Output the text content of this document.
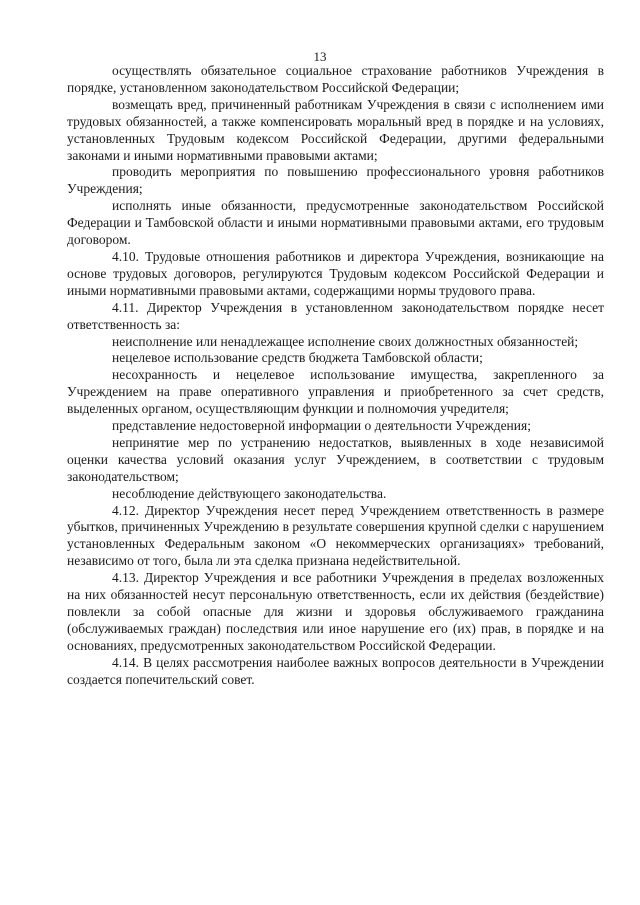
13

осуществлять обязательное социальное страхование работников Учреждения в порядке, установленном законодательством Российской Федерации;

возмещать вред, причиненный работникам Учреждения в связи с исполнением ими трудовых обязанностей, а также компенсировать моральный вред в порядке и на условиях, установленных Трудовым кодексом Российской Федерации, другими федеральными законами и иными нормативными правовыми актами;

проводить мероприятия по повышению профессионального уровня работников Учреждения;

исполнять иные обязанности, предусмотренные законодательством Российской Федерации и Тамбовской области и иными нормативными правовыми актами, его трудовым договором.

4.10. Трудовые отношения работников и директора Учреждения, возникающие на основе трудовых договоров, регулируются Трудовым кодексом Российской Федерации и иными нормативными правовыми актами, содержащими нормы трудового права.

4.11. Директор Учреждения в установленном законодательством порядке несет ответственность за:

неисполнение или ненадлежащее исполнение своих должностных обязанностей;

нецелевое использование средств бюджета Тамбовской области;

несохранность и нецелевое использование имущества, закрепленного за Учреждением на праве оперативного управления и приобретенного за счет средств, выделенных органом, осуществляющим функции и полномочия учредителя;

представление недостоверной информации о деятельности Учреждения;

непринятие мер по устранению недостатков, выявленных в ходе независимой оценки качества условий оказания услуг Учреждением, в соответствии с трудовым законодательством;

несоблюдение действующего законодательства.

4.12. Директор Учреждения несет перед Учреждением ответственность в размере убытков, причиненных Учреждению в результате совершения крупной сделки с нарушением установленных Федеральным законом «О некоммерческих организациях» требований, независимо от того, была ли эта сделка признана недействительной.

4.13. Директор Учреждения и все работники Учреждения в пределах возложенных на них обязанностей несут персональную ответственность, если их действия (бездействие) повлекли за собой опасные для жизни и здоровья обслуживаемого гражданина (обслуживаемых граждан) последствия или иное нарушение его (их) прав, в порядке и на основаниях, предусмотренных законодательством Российской Федерации.

4.14. В целях рассмотрения наиболее важных вопросов деятельности в Учреждении создается попечительский совет.
